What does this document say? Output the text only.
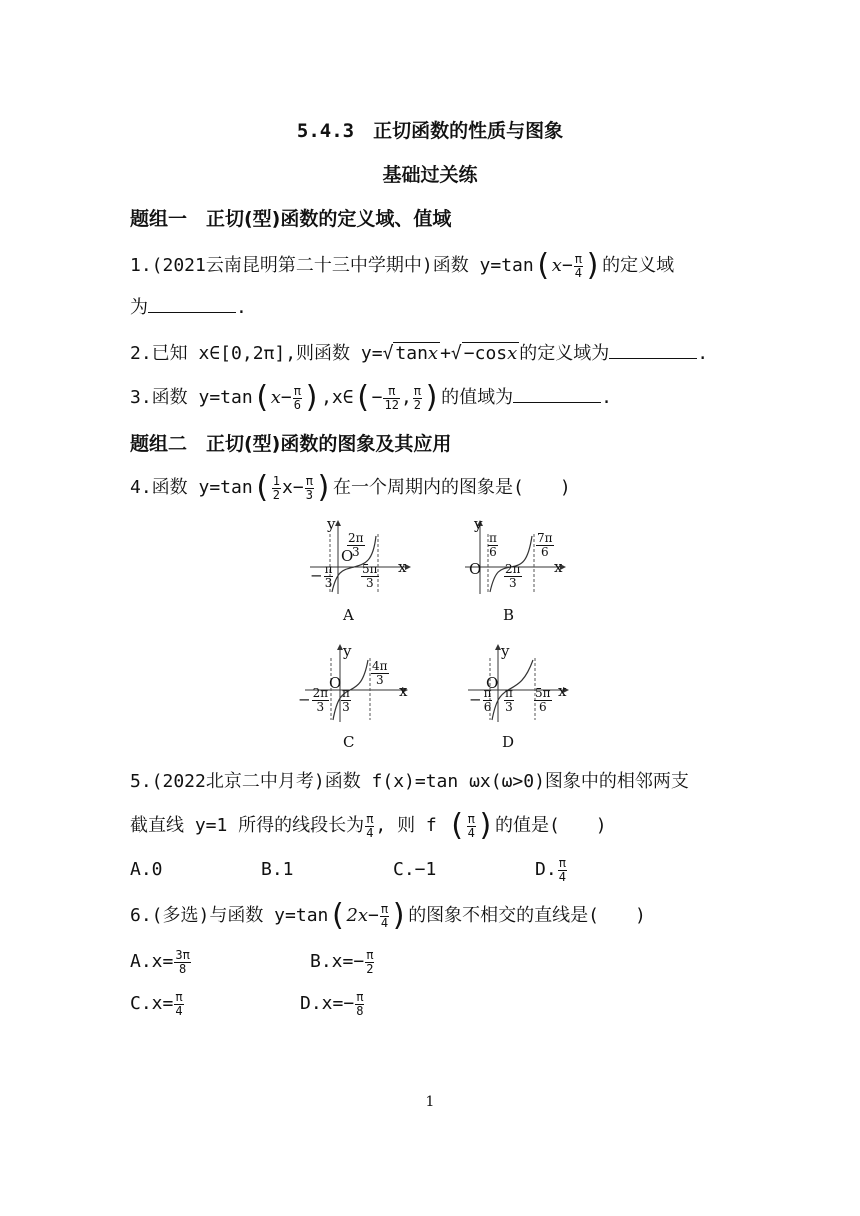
5.4.3　正切函数的性质与图象
基础过关练
题组一　正切(型)函数的定义域、值域
1.(2021云南昆明第二十三中学期中)函数 $y=\tan(x- \frac{\pi}{4}$ )的定义域
为	.
2.已知 x∈[0,2π],则函数 y=√ tanx +√ −cosx 的定义域为	.
3.函数 $y=\tan(x- \frac{\pi}{6}$ ),x∈(− $\frac{\pi}{12}$ , $\frac{\pi}{2}$ )的值域为	.
题组二　正切(型)函数的图象及其应用
4.函数 $y=\tan( \frac{1}{2} x- \frac{\pi}{3}$ )在一个周期内的图象是(　　)
y
x
O
$\frac{2\pi}{3}$
− $\frac{\pi}{3} \frac{5\pi}{3}$
A
y
x
O
$\frac{\pi}{6}$	$\frac{7\pi}{6}$
$\frac{2\pi}{3}$
B
y
x
O $\frac{4\pi}{3}$
− $\frac{2\pi}{3} \frac{\pi}{3}$
C
y
x
O
− $\frac{\pi}{6} \frac{\pi}{3} \frac{5\pi}{6}$
D
5.(2022北京二中月考)函数 f(x)=tan ωx(ω>0)图象中的相邻两支
截直线 y=1 所得的线段长为 $\frac{\pi}{4}$ , 则 f ( $\frac{\pi}{4}$ )的值是(　　)
A.0	B.1	C.−1	D. $\frac{\pi}{4}$
6.(多选)与函数 $y=\tan(2x- \frac{\pi}{4}$ )的图象不相交的直线是(　　)
$A.x= \frac{3\pi}{8}$	$B.x=- \frac{\pi}{2}$
$C.x= \frac{\pi}{4}$	$D.x=- \frac{\pi}{8}$
1
